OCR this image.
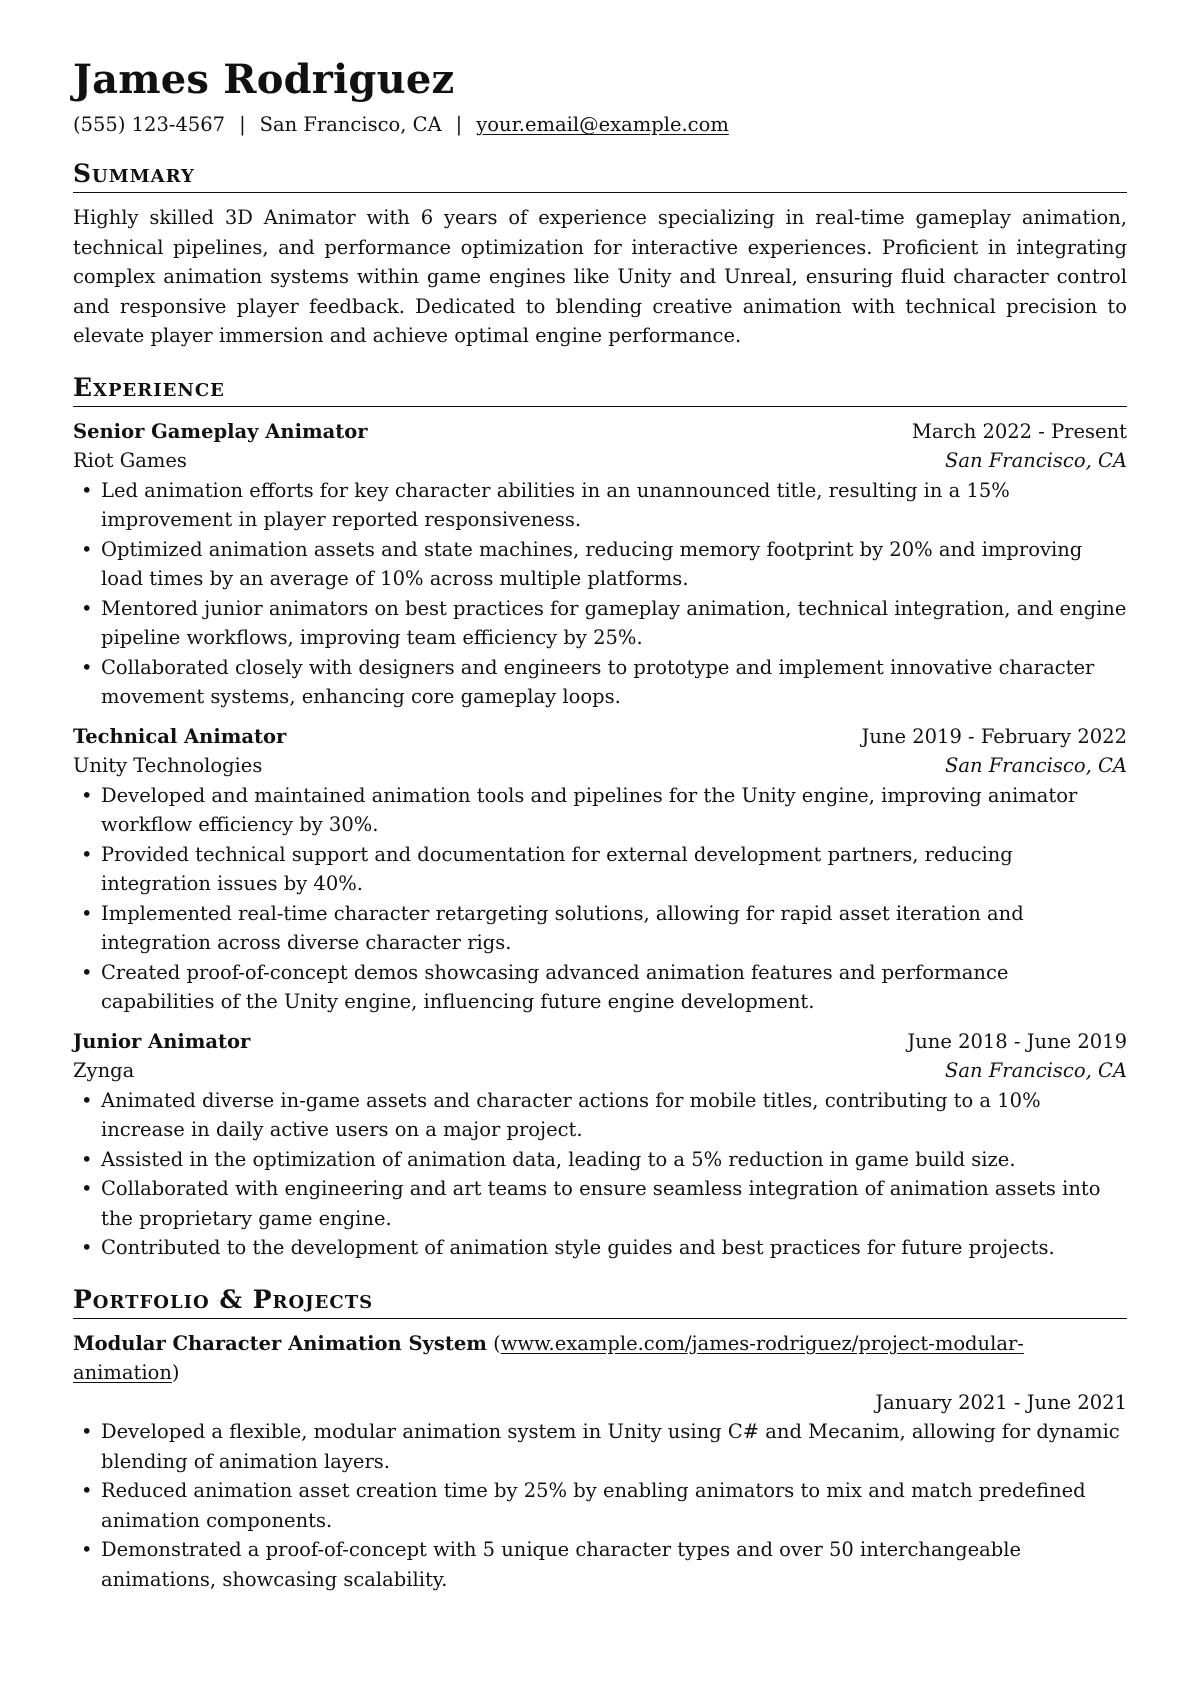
James Rodriguez
(555) 123-4567 | San Francisco, CA | your.email@example.com
Summary
Highly skilled 3D Animator with 6 years of experience specializing in real-time gameplay animation, technical pipelines, and performance optimization for interactive experiences. Proficient in integrating complex animation systems within game engines like Unity and Unreal, ensuring fluid character control and responsive player feedback. Dedicated to blending creative animation with technical precision to elevate player immersion and achieve optimal engine performance.
Experience
Senior Gameplay Animator	March 2022 - Present
Riot Games	San Francisco, CA
• Led animation efforts for key character abilities in an unannounced title, resulting in a 15% improvement in player reported responsiveness.
• Optimized animation assets and state machines, reducing memory footprint by 20% and improving load times by an average of 10% across multiple platforms.
• Mentored junior animators on best practices for gameplay animation, technical integration, and engine pipeline workflows, improving team efficiency by 25%.
• Collaborated closely with designers and engineers to prototype and implement innovative character movement systems, enhancing core gameplay loops.
Technical Animator	June 2019 - February 2022
Unity Technologies	San Francisco, CA
• Developed and maintained animation tools and pipelines for the Unity engine, improving animator workflow efficiency by 30%.
• Provided technical support and documentation for external development partners, reducing integration issues by 40%.
• Implemented real-time character retargeting solutions, allowing for rapid asset iteration and integration across diverse character rigs.
• Created proof-of-concept demos showcasing advanced animation features and performance capabilities of the Unity engine, influencing future engine development.
Junior Animator	June 2018 - June 2019
Zynga	San Francisco, CA
• Animated diverse in-game assets and character actions for mobile titles, contributing to a 10% increase in daily active users on a major project.
• Assisted in the optimization of animation data, leading to a 5% reduction in game build size.
• Collaborated with engineering and art teams to ensure seamless integration of animation assets into the proprietary game engine.
• Contributed to the development of animation style guides and best practices for future projects.
Portfolio & Projects
Modular Character Animation System (www.example.com/james-rodriguez/project-modular-animation)
January 2021 - June 2021
• Developed a flexible, modular animation system in Unity using C# and Mecanim, allowing for dynamic blending of animation layers.
• Reduced animation asset creation time by 25% by enabling animators to mix and match predefined animation components.
• Demonstrated a proof-of-concept with 5 unique character types and over 50 interchangeable animations, showcasing scalability.
